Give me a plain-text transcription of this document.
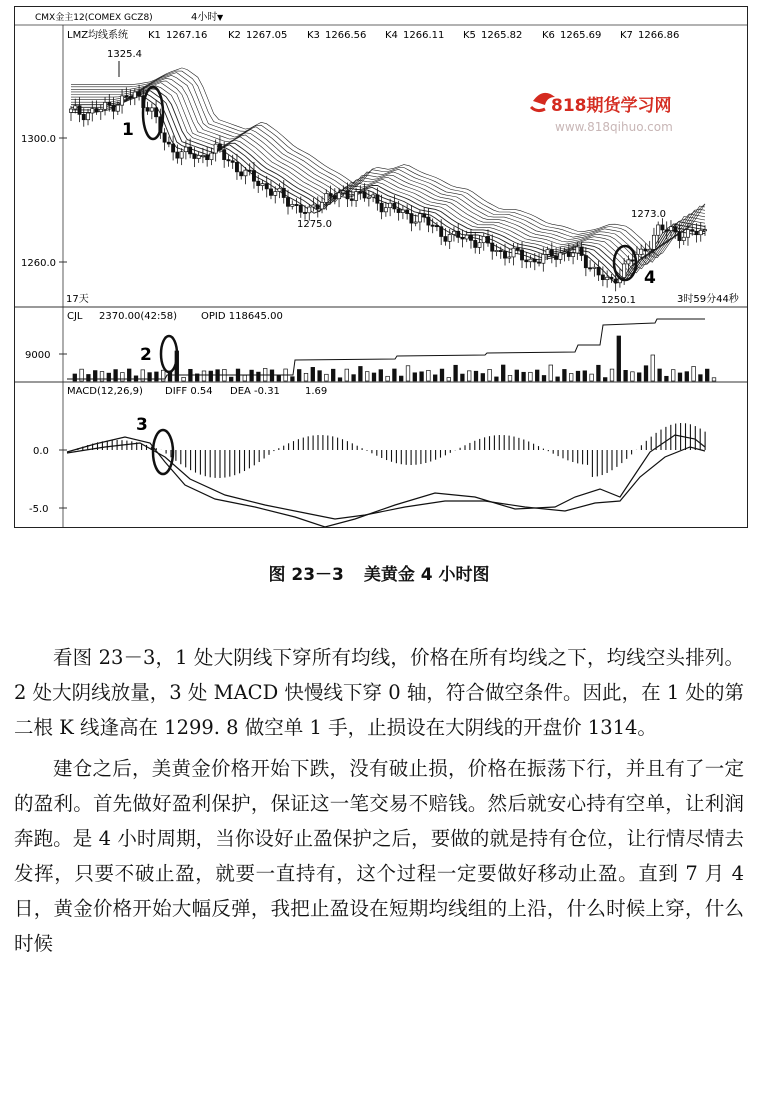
CMX金主12(COMEX GCZ8)	4小时 ▼
LMZ均线系统 K1 1267.16 K2 1267.05 K3 1266.56 K4 1266.11 K5 1265.82 K6 1265.69 K7 1266.86
1300.0
1260.0
1325.4
1275.0
1273.0
1250.1
818期货学习网
www.818qihuo.com
1
4
17天	3时59分44秒
CJL 2370.00(42:58) OPID 118645.00
9000	2
MACD(12,26,9) DIFF 0.54 DEA -0.31	1.69
0.0
-5.0
3
图 23－3 美黄金 4 小时图

看图 23－3，1 处大阴线下穿所有均线，价格在所有均线之下，均线空头排列。2 处大阴线放量，3 处 MACD 快慢线下穿 0 轴，符合做空条件。因此，在 1 处的第二根 K 线逢高在 1299. 8 做空单 1 手，止损设在大阴线的开盘价 1314。

建仓之后，美黄金价格开始下跌，没有破止损，价格在振荡下行，并且有了一定的盈利。首先做好盈利保护，保证这一笔交易不赔钱。然后就安心持有空单，让利润奔跑。是 4 小时周期，当你设好止盈保护之后，要做的就是持有仓位，让行情尽情去发挥，只要不破止盈，就要一直持有，这个过程一定要做好移动止盈。直到 7 月 4 日，黄金价格开始大幅反弹，我把止盈设在短期均线组的上沿，什么时候上穿，什么时候
